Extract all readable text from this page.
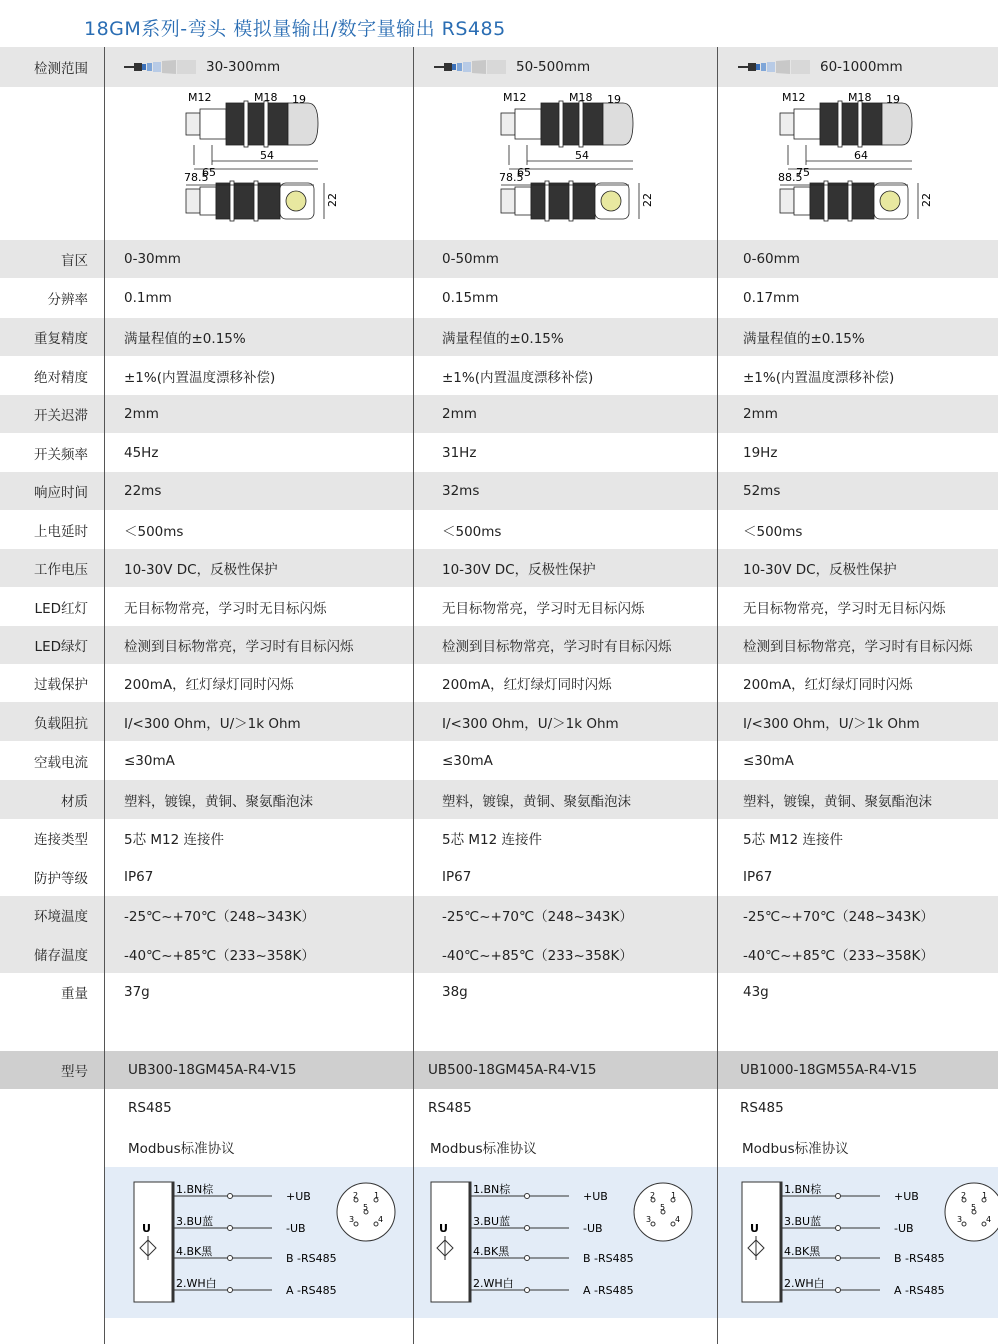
18GM系列-弯头 模拟量输出/数字量输出 RS485
检测范围	30-300mm	50-500mm	60-1000mm
M12	M18 19
54
65
78.5
22
M12	M18 19
54
65
78.5
22
M12	M18 19
64
75
88.5
22
盲区	0-30mm	0-50mm	0-60mm
分辨率	0.1mm	0.15mm	0.17mm
重复精度	满量程值的±0.15%	满量程值的±0.15%	满量程值的±0.15%
绝对精度	±1%(内置温度漂移补偿)	±1%(内置温度漂移补偿)	±1%(内置温度漂移补偿)
开关迟滞	2mm	2mm	2mm
开关频率	45Hz	31Hz	19Hz
响应时间	22ms	32ms	52ms
上电延时	＜500ms	＜500ms	＜500ms
工作电压	10-30V DC，反极性保护	10-30V DC，反极性保护	10-30V DC，反极性保护
LED红灯	无目标物常亮，学习时无目标闪烁	无目标物常亮，学习时无目标闪烁	无目标物常亮，学习时无目标闪烁
LED绿灯	检测到目标物常亮，学习时有目标闪烁	检测到目标物常亮，学习时有目标闪烁	检测到目标物常亮，学习时有目标闪烁
过载保护	200mA，红灯绿灯同时闪烁	200mA，红灯绿灯同时闪烁	200mA，红灯绿灯同时闪烁
负载阻抗	I/<300 Ohm，U/＞1k Ohm	I/<300 Ohm，U/＞1k Ohm	I/<300 Ohm，U/＞1k Ohm
空载电流	≤30mA	≤30mA	≤30mA
材质	塑料，镀镍，黄铜、聚氨酯泡沫	塑料，镀镍，黄铜、聚氨酯泡沫	塑料，镀镍，黄铜、聚氨酯泡沫
连接类型	5芯 M12 连接件	5芯 M12 连接件	5芯 M12 连接件
防护等级	IP67	IP67	IP67
环境温度	-25℃~+70℃（248~343K）	-25℃~+70℃（248~343K）	-25℃~+70℃（248~343K）
储存温度	-40℃~+85℃（233~358K）	-40℃~+85℃（233~358K）	-40℃~+85℃（233~358K）
重量	37g	38g	43g
型号	UB300-18GM45A-R4-V15	UB500-18GM45A-R4-V15	UB1000-18GM55A-R4-V15
RS485	RS485	RS485
Modbus标准协议	Modbus标准协议	Modbus标准协议
U
1.BN棕
+UB
3.BU蓝
-UB
4.BK黑
B -RS485
2.WH白
A -RS485
2 1
5
3	4
U
1.BN棕
+UB
3.BU蓝
-UB
4.BK黑
B -RS485
2.WH白
A -RS485
2 1
5
3	4
U
1.BN棕
+UB
3.BU蓝
-UB
4.BK黑
B -RS485
2.WH白
A -RS485
2 1
5
3	4
